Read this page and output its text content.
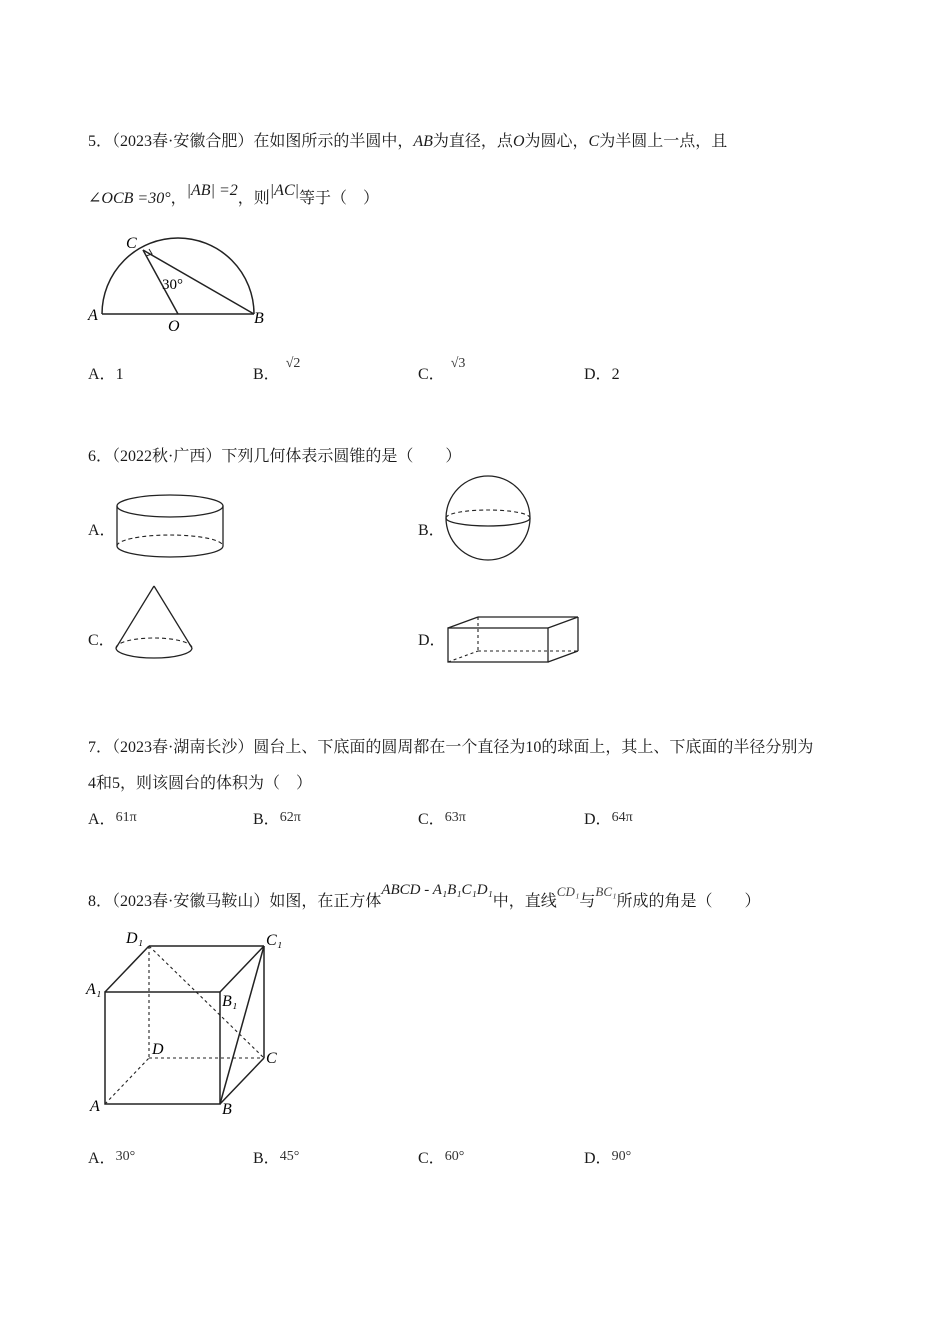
5．（2023春·安徽合肥）在如图所示的半圆中，AB为直径，点O为圆心，C为半圆上一点，且
∠OCB =30°，|AB| =2，则|AC|等于（　）
C
30°
A
O	B
A．1	B．√2
C．√3
D．2
6．（2022秋·广西）下列几何体表示圆锥的是（　　）
A．	B．
C．	D．
7．（2023春·湖南长沙）圆台上、下底面的圆周都在一个直径为10的球面上，其上、下底面的半径分别为
4和5，则该圆台的体积为（　）
A．61π	B．62π	C．63π	D．64π
8．（2023春·安徽马鞍山）如图，在正方体ABCD - A₁B₁C₁D₁中，直线$^{CD_1}$与$^{BC_1}$所成的角是（　　）
D₁	C₁
A₁
B₁
D
C
A	B
A．30°	B．45°	C．60°	D．90°
